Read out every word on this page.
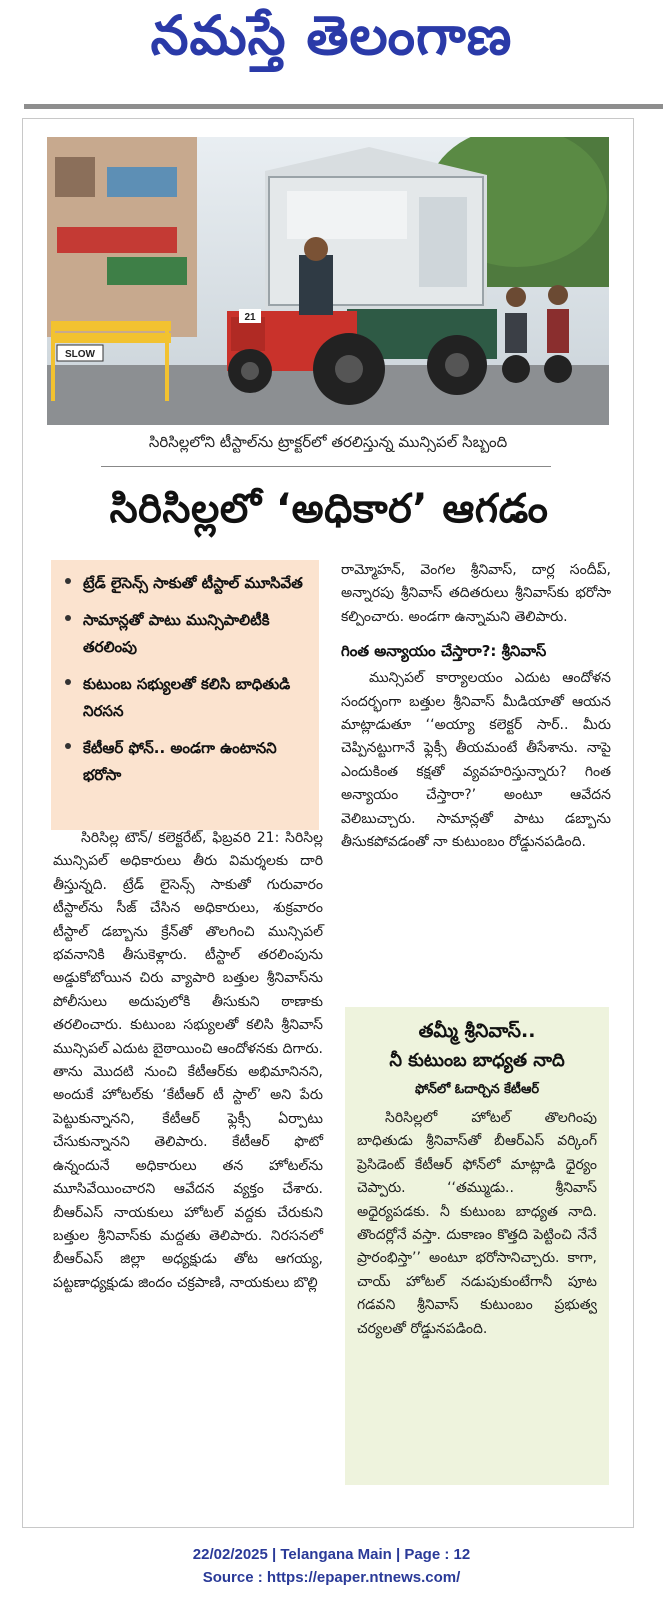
నమస్తే తెలంగాణ
SLOW
21
సిరిసిల్లలోని టీస్టాల్‌ను ట్రాక్టర్‌లో తరలిస్తున్న మున్సిపల్ సిబ్బంది
సిరిసిల్లలో ‘అధికార’ ఆగడం
ట్రేడ్ లైసెన్స్ సాకుతో టీస్టాల్ మూసివేత
సామాన్లతో పాటు మున్సిపాలిటీకి తరలింపు
కుటుంబ సభ్యులతో కలిసి బాధితుడి నిరసన
కేటీఆర్ ఫోన్.. అండగా ఉంటానని భరోసా

సిరిసిల్ల టౌన్/ కలెక్టరేట్, ఫిబ్రవరి 21: సిరిసిల్ల మున్సిపల్ అధికారులు తీరు విమర్శలకు దారి తీస్తున్నది. ట్రేడ్ లైసెన్స్ సాకుతో గురువారం టీస్టాల్‌ను సీజ్ చేసిన అధికారులు, శుక్రవారం టీస్టాల్ డబ్బాను క్రేన్‌తో తొలగించి మున్సిపల్ భవనానికి తీసుకెళ్లారు. టీస్టాల్ తరలింపును అడ్డుకోబోయిన చిరు వ్యాపారి బత్తుల శ్రీనివాస్‌ను పోలీసులు అదుపులోకి తీసుకుని ఠాణాకు తరలించారు. కుటుంబ సభ్యులతో కలిసి శ్రీనివాస్ మున్సిపల్ ఎదుట బైఠాయించి ఆందోళనకు దిగారు. తాను మొదటి నుంచి కేటీఆర్‌కు అభిమానినని, అందుకే హోటల్‌కు ‘కేటీఆర్ టీ స్టాల్’ అని పేరు పెట్టుకున్నానని, కేటీఆర్ ఫ్లెక్సీ ఏర్పాటు చేసుకున్నానని తెలిపారు. కేటీఆర్ ఫొటో ఉన్నందునే అధికారులు తన హోటల్‌ను మూసివేయించారని ఆవేదన వ్యక్తం చేశారు. బీఆర్ఎస్ నాయకులు హోటల్ వద్దకు చేరుకుని బత్తుల శ్రీనివాస్‌కు మద్దతు తెలిపారు. నిరసనలో బీఆర్ఎస్ జిల్లా అధ్యక్షుడు తోట ఆగయ్య, పట్టణాధ్యక్షుడు జిందం చక్రపాణి, నాయకులు బొల్లి

రామ్మోహన్, వెంగల శ్రీనివాస్, దార్ల సందీప్, అన్నారపు శ్రీనివాస్ తదితరులు శ్రీనివాస్‌కు భరోసా కల్పించారు. అండగా ఉన్నామని తెలిపారు.

గింత అన్యాయం చేస్తారా?: శ్రీనివాస్

మున్సిపల్ కార్యాలయం ఎదుట ఆందోళన సందర్భంగా బత్తుల శ్రీనివాస్ మీడియాతో ఆయన మాట్లాడుతూ ‘‘అయ్యా కలెక్టర్ సార్.. మీరు చెప్పినట్టుగానే ఫ్లెక్సీ తీయమంటే తీసేశాను. నాపై ఎందుకింత కక్షతో వ్యవహరిస్తున్నారు? గింత అన్యాయం చేస్తారా?’ అంటూ ఆవేదన వెలిబుచ్చారు. సామాన్లతో పాటు డబ్బాను తీసుకపోవడంతో నా కుటుంబం రోడ్డునపడింది.

తమ్మీ శ్రీనివాస్..
నీ కుటుంబ బాధ్యత నాది
ఫోన్‌లో ఓదార్చిన కేటీఆర్

సిరిసిల్లలో హోటల్ తొలగింపు బాధితుడు శ్రీనివాస్‌తో బీఆర్ఎస్ వర్కింగ్ ప్రెసిడెంట్ కేటీఆర్ ఫోన్‌లో మాట్లాడి ధైర్యం చెప్పారు. ‘‘తమ్ముడు.. శ్రీనివాస్ అధైర్యపడకు. నీ కుటుంబ బాధ్యత నాది. తొందర్లోనే వస్తా. దుకాణం కొత్తది పెట్టించి నేనే ప్రారంభిస్తా’’ అంటూ భరోసానిచ్చారు. కాగా, చాయ్ హోటల్ నడుపుకుంటేగానీ పూట గడవని శ్రీనివాస్ కుటుంబం ప్రభుత్వ చర్యలతో రోడ్డునపడింది.

22/02/2025 | Telangana Main | Page : 12
Source : https://epaper.ntnews.com/
